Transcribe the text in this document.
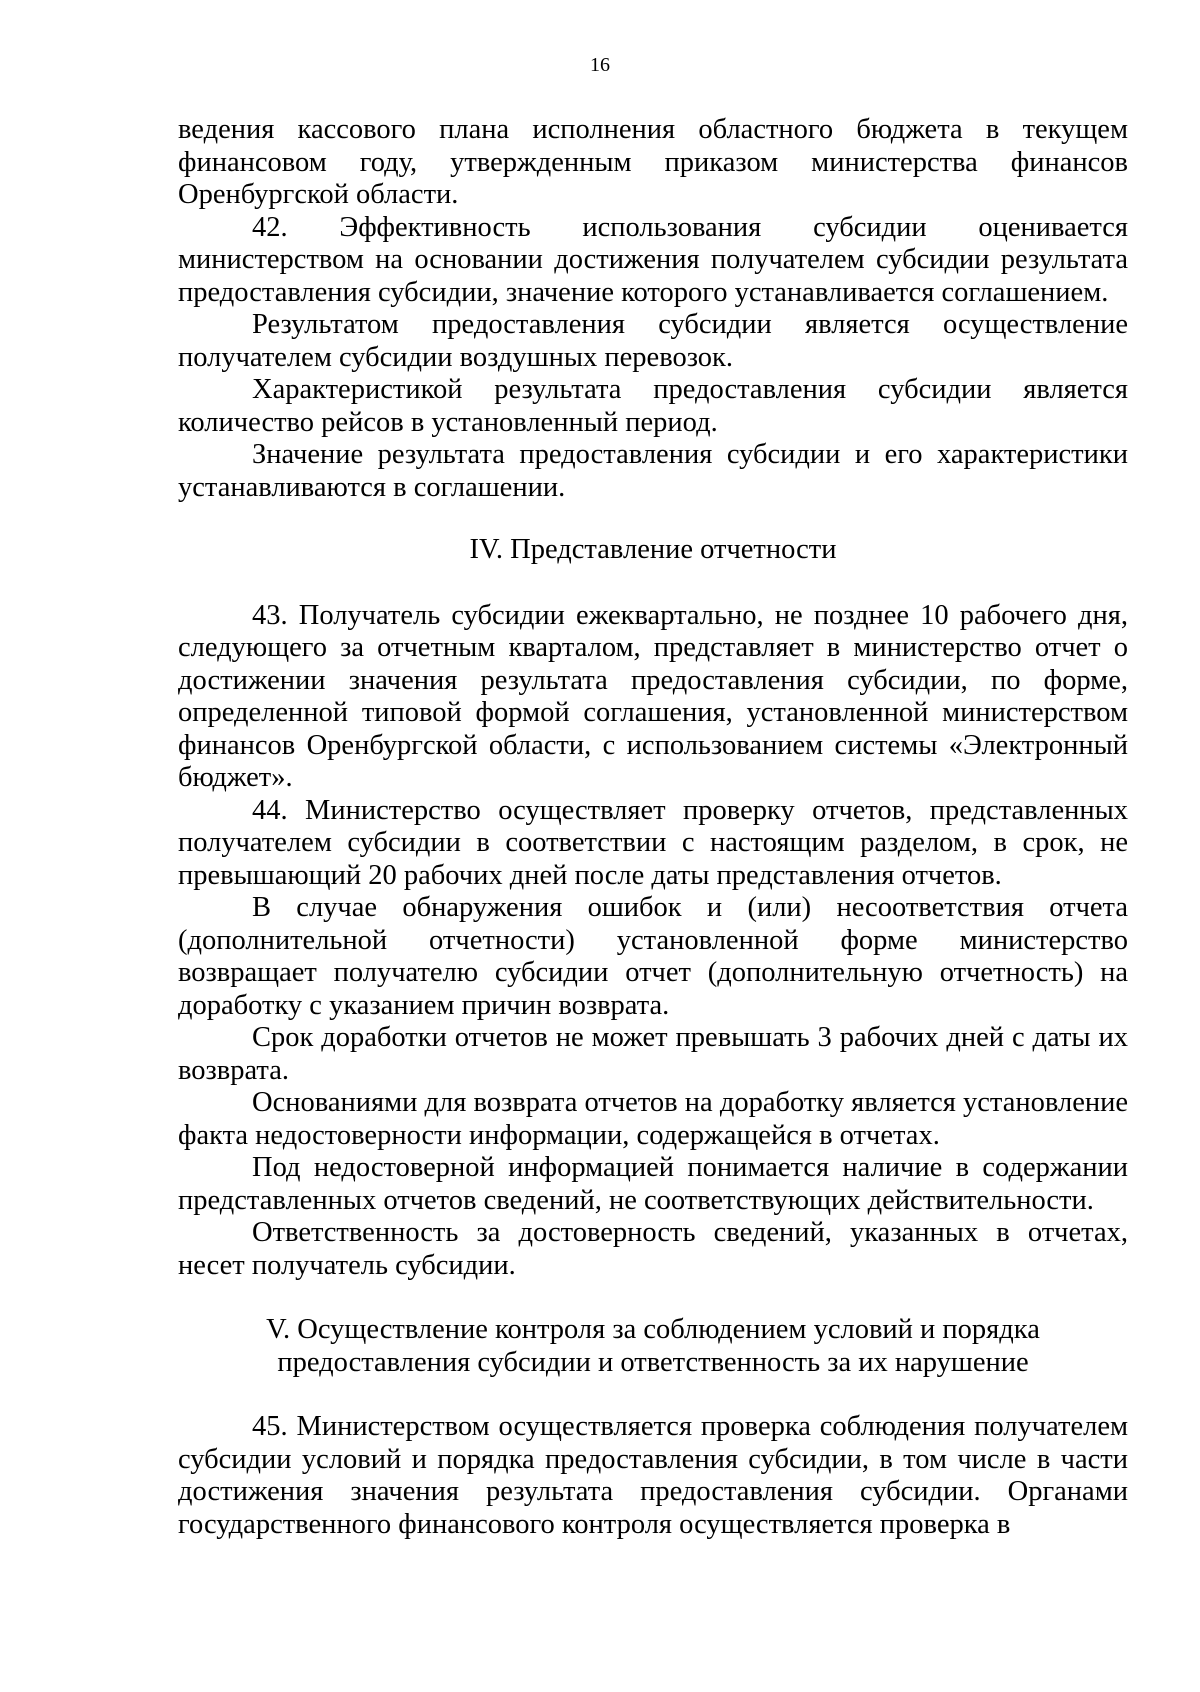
16

ведения кассового плана исполнения областного бюджета в текущем финансовом году, утвержденным приказом министерства финансов Оренбургской области.

42. Эффективность использования субсидии оценивается министерством на основании достижения получателем субсидии результата предоставления субсидии, значение которого устанавливается соглашением.

Результатом предоставления субсидии является осуществление получателем субсидии воздушных перевозок.

Характеристикой результата предоставления субсидии является количество рейсов в установленный период.

Значение результата предоставления субсидии и его характеристики устанавливаются в соглашении.

IV. Представление отчетности

43. Получатель субсидии ежеквартально, не позднее 10 рабочего дня, следующего за отчетным кварталом, представляет в министерство отчет о достижении значения результата предоставления субсидии, по форме, определенной типовой формой соглашения, установленной министерством финансов Оренбургской области, с использованием системы «Электронный бюджет».

44. Министерство осуществляет проверку отчетов, представленных получателем субсидии в соответствии с настоящим разделом, в срок, не превышающий 20 рабочих дней после даты представления отчетов.

В случае обнаружения ошибок и (или) несоответствия отчета (дополнительной отчетности) установленной форме министерство возвращает получателю субсидии отчет (дополнительную отчетность) на доработку с указанием причин возврата.

Срок доработки отчетов не может превышать 3 рабочих дней с даты их возврата.

Основаниями для возврата отчетов на доработку является установление факта недостоверности информации, содержащейся в отчетах.

Под недостоверной информацией понимается наличие в содержании представленных отчетов сведений, не соответствующих действительности.

Ответственность за достоверность сведений, указанных в отчетах, несет получатель субсидии.

V. Осуществление контроля за соблюдением условий и порядка предоставления субсидии и ответственность за их нарушение

45. Министерством осуществляется проверка соблюдения получателем субсидии условий и порядка предоставления субсидии, в том числе в части достижения значения результата предоставления субсидии. Органами государственного финансового контроля осуществляется проверка в
